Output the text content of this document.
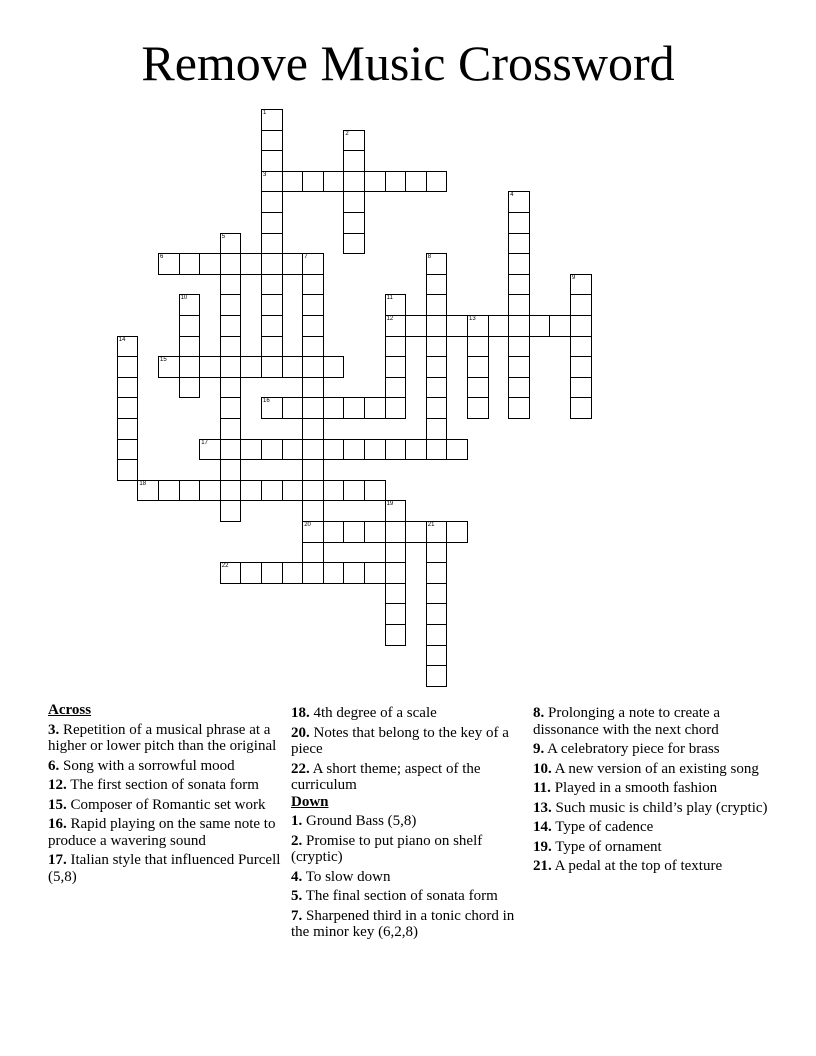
Remove Music Crossword
1
3
2
4
5
6	7
20
8
9
10	11
12	13
14
15
16
17
18
19
21
22
Across
3. Repetition of a musical phrase at a higher or lower pitch than the original
6. Song with a sorrowful mood
12. The first section of sonata form
15. Composer of Romantic set work
16. Rapid playing on the same note to produce a wavering sound
17. Italian style that influenced Purcell (5,8)
18. 4th degree of a scale
20. Notes that belong to the key of a piece
22. A short theme; aspect of the curriculum
Down
1. Ground Bass (5,8)
2. Promise to put piano on shelf (cryptic)
4. To slow down
5. The final section of sonata form
7. Sharpened third in a tonic chord in the minor key (6,2,8)
8. Prolonging a note to create a dissonance with the next chord
9. A celebratory piece for brass
10. A new version of an existing song
11. Played in a smooth fashion
13. Such music is child’s play (cryptic)
14. Type of cadence
19. Type of ornament
21. A pedal at the top of texture
